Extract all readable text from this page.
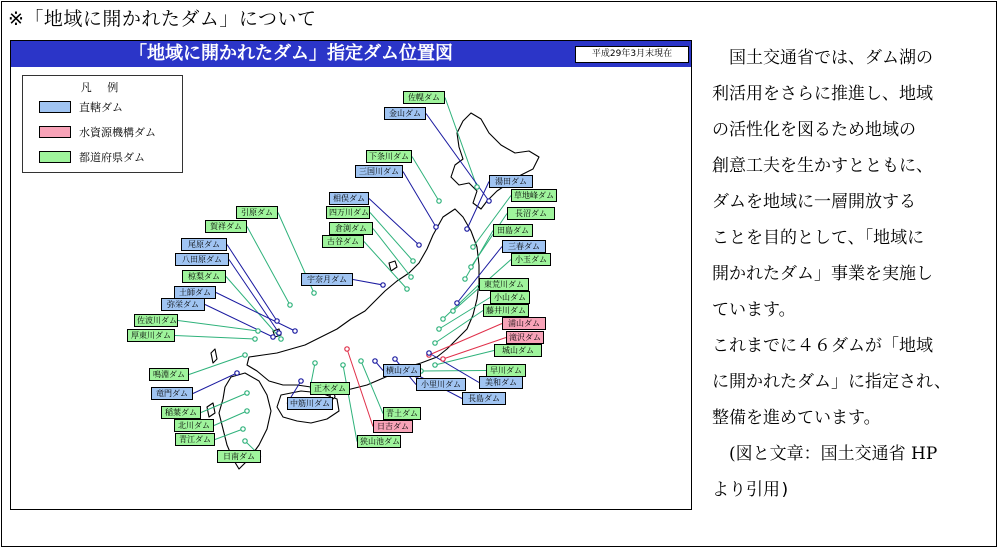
※「地域に開かれたダム」について
「地域に開かれたダム」指定ダム位置図	平成29年3月末現在
佐幌ダム
金山ダム
下条川ダム
三国川ダム
湯田ダム
草地峰ダム
相俣ダム
長沼ダム
四万川ダム
倉渕ダム	田島ダム
引原ダム
古谷ダム
三春ダム
賀祥ダム
尾原ダム
小玉ダム
八田原ダム
宇奈月ダム
東荒川ダム
椋梨ダム
土師ダム
小山ダム
弥栄ダム
藤井川ダム
佐波川ダム	浦山ダム
厚東川ダム	滝沢ダム
城山ダム
横山ダム
鳴淵ダム	早川ダム
小里川ダム	美和ダム
竜門ダム
正木ダム
長島ダム
稲葉ダム
中筋川ダム
青土ダム
北川ダム	日吉ダム
青江ダム	狭山池ダム
日南ダム
凡 例
直轄ダム
水資源機構ダム
都道府県ダム
　国土交通省では、ダム湖の
利活用をさらに推進し、地域
の活性化を図るため地域の
創意工夫を生かすとともに、
ダムを地域に一層開放する
ことを目的として、「地域に
開かれたダム」事業を実施し
ています。
これまでに４６ダムが「地域
に開かれたダム」に指定され、
整備を進めています。
　(図と文章：国土交通省 HP
より引用)
